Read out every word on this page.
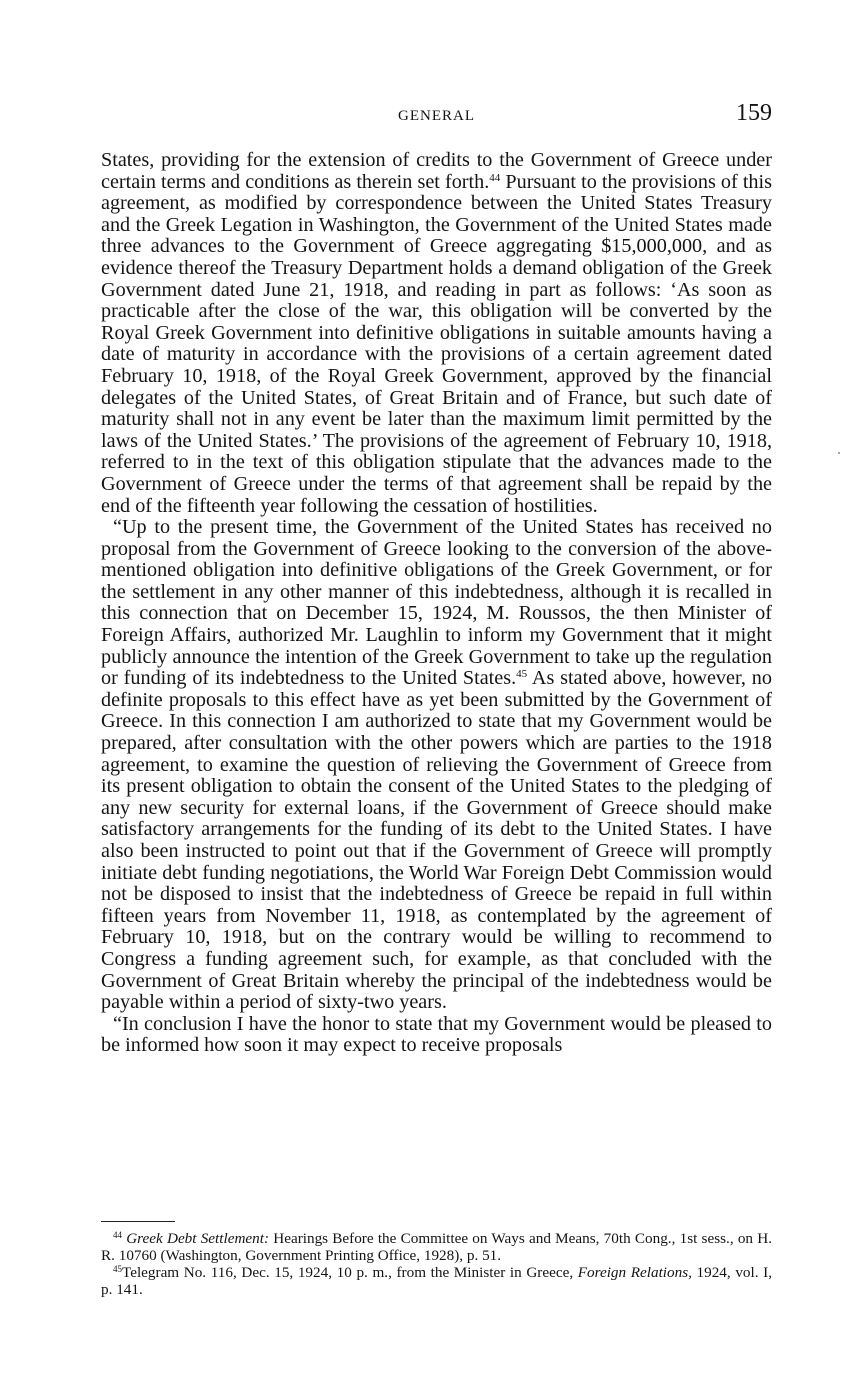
GENERAL	159

States, providing for the extension of credits to the Government of Greece under certain terms and conditions as therein set forth.$^{44}$ Pursuant to the provisions of this agreement, as modified by correspondence between the United States Treasury and the Greek Legation in Washington, the Government of the United States made three advances to the Government of Greece aggregating $15,000,000, and as evidence thereof the Treasury Department holds a demand obligation of the Greek Government dated June 21, 1918, and reading in part as follows: ‘As soon as practicable after the close of the war, this obligation will be converted by the Royal Greek Government into definitive obligations in suitable amounts having a date of maturity in accordance with the provisions of a certain agreement dated February 10, 1918, of the Royal Greek Government, approved by the financial delegates of the United States, of Great Britain and of France, but such date of maturity shall not in any event be later than the maximum limit permitted by the laws of the United States.’ The provisions of the agreement of February 10, 1918, referred to in the text of this obligation stipulate that the advances made to the Government of Greece under the terms of that agreement shall be repaid by the end of the fifteenth year following the cessation of hostilities.

“Up to the present time, the Government of the United States has received no proposal from the Government of Greece looking to the conversion of the above-mentioned obligation into definitive obligations of the Greek Government, or for the settlement in any other manner of this indebtedness, although it is recalled in this connection that on December 15, 1924, M. Roussos, the then Minister of Foreign Affairs, authorized Mr. Laughlin to inform my Government that it might publicly announce the intention of the Greek Government to take up the regulation or funding of its indebtedness to the United States.$^{45}$ As stated above, however, no definite proposals to this effect have as yet been submitted by the Government of Greece. In this connection I am authorized to state that my Government would be prepared, after consultation with the other powers which are parties to the 1918 agreement, to examine the question of relieving the Government of Greece from its present obligation to obtain the consent of the United States to the pledging of any new security for external loans, if the Government of Greece should make satisfactory arrangements for the funding of its debt to the United States. I have also been instructed to point out that if the Government of Greece will promptly initiate debt funding negotiations, the World War Foreign Debt Commission would not be disposed to insist that the indebtedness of Greece be repaid in full within fifteen years from November 11, 1918, as contemplated by the agreement of February 10, 1918, but on the contrary would be willing to recommend to Congress a funding agreement such, for example, as that concluded with the Government of Great Britain whereby the principal of the indebtedness would be payable within a period of sixty-two years.

“In conclusion I have the honor to state that my Government would be pleased to be informed how soon it may expect to receive proposals

$^{44}$ Greek Debt Settlement: Hearings Before the Committee on Ways and Means, 70th Cong., 1st sess., on H. R. 10760 (Washington, Government Printing Office, 1928), p. 51.

$^{45}$Telegram No. 116, Dec. 15, 1924, 10 p. m., from the Minister in Greece, Foreign Relations, 1924, vol. I, p. 141.
